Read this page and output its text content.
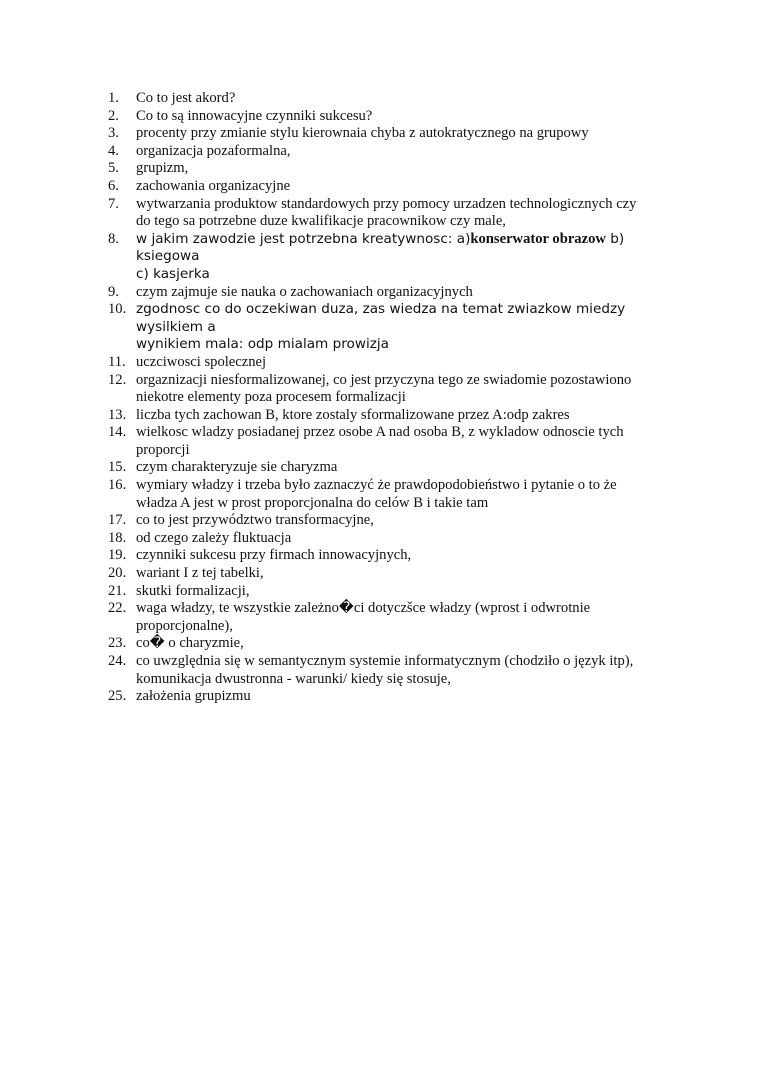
1.	Co to jest akord?
2.	Co to są innowacyjne czynniki sukcesu?
3.	procenty przy zmianie stylu kierownaia chyba z autokratycznego na grupowy
4.	organizacja pozaformalna,
5.	grupizm,
6.	zachowania organizacyjne
7.	wytwarzania produktow standardowych przy pomocy urzadzen technologicznych czy
do tego sa potrzebne duze kwalifikacje pracownikow czy male,
8.	w jakim zawodzie jest potrzebna kreatywnosc: a)konserwator obrazow b) ksiegowa
c) kasjerka
9.	czym zajmuje sie nauka o zachowaniach organizacyjnych
10. zgodnosc co do oczekiwan duza, zas wiedza na temat zwiazkow miedzy wysilkiem a
wynikiem mala: odp mialam prowizja
11. uczciwosci spolecznej
12. orgaznizacji niesformalizowanej, co jest przyczyna tego ze swiadomie pozostawiono
niekotre elementy poza procesem formalizacji
13. liczba tych zachowan B, ktore zostaly sformalizowane przez A:odp zakres
14. wielkosc wladzy posiadanej przez osobe A nad osoba B, z wykladow odnoscie tych
proporcji
15. czym charakteryzuje sie charyzma
16. wymiary władzy i trzeba było zaznaczyć że prawdopodobieństwo i pytanie o to że
władza A jest w prost proporcjonalna do celów B i takie tam
17. co to jest przywództwo transformacyjne,
18. od czego zależy fluktuacja
19. czynniki sukcesu przy firmach innowacyjnych,
20. wariant I z tej tabelki,
21. skutki formalizacji,
22. waga władzy, te wszystkie zależno�ci dotyczšce władzy (wprost i odwrotnie
proporcjonalne),
23. co� o charyzmie,
24. co uwzględnia się w semantycznym systemie informatycznym (chodziło o język itp),
komunikacja dwustronna - warunki/ kiedy się stosuje,
25. założenia grupizmu
